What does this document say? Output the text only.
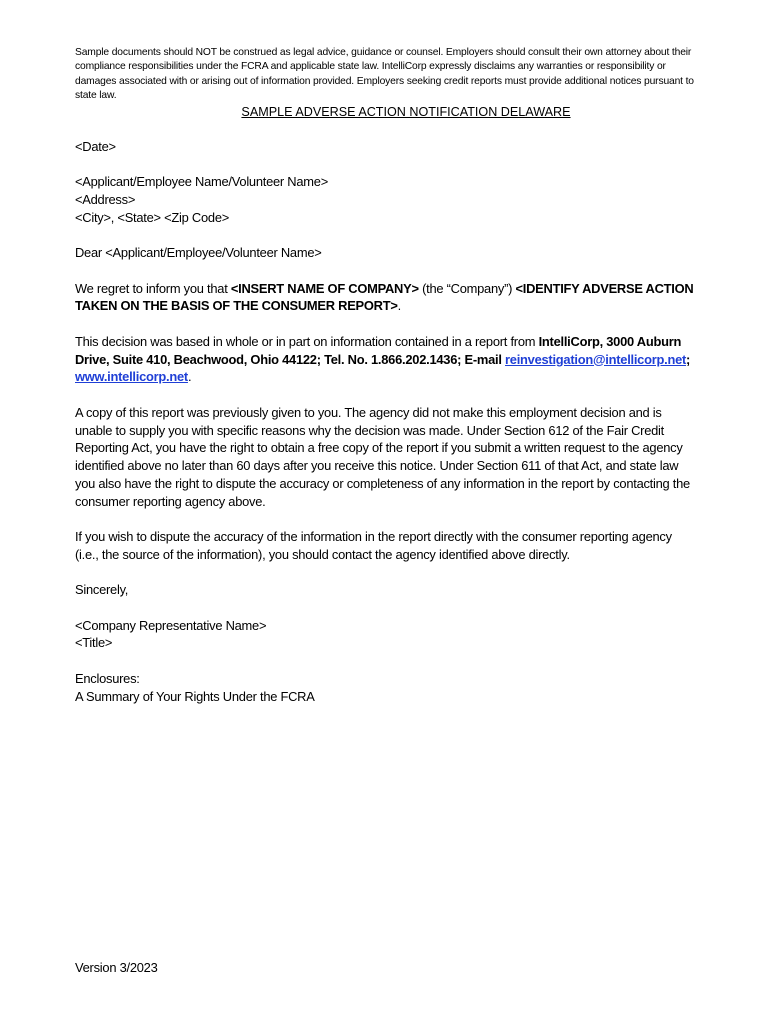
Sample documents should NOT be construed as legal advice, guidance or counsel. Employers should consult their own attorney about their compliance responsibilities under the FCRA and applicable state law. IntelliCorp expressly disclaims any warranties or responsibility or damages associated with or arising out of information provided. Employers seeking credit reports must provide additional notices pursuant to state law.

SAMPLE ADVERSE ACTION NOTIFICATION DELAWARE

<Date>

<Applicant/Employee Name/Volunteer Name>
<Address>
<City>, <State> <Zip Code>

Dear <Applicant/Employee/Volunteer Name>

We regret to inform you that <INSERT NAME OF COMPANY> (the “Company”) <IDENTIFY ADVERSE ACTION TAKEN ON THE BASIS OF THE CONSUMER REPORT>.

This decision was based in whole or in part on information contained in a report from IntelliCorp, 3000 Auburn Drive, Suite 410, Beachwood, Ohio 44122; Tel. No. 1.866.202.1436; E-mail reinvestigation@intellicorp.net; www.intellicorp.net.

A copy of this report was previously given to you. The agency did not make this employment decision and is unable to supply you with specific reasons why the decision was made. Under Section 612 of the Fair Credit Reporting Act, you have the right to obtain a free copy of the report if you submit a written request to the agency identified above no later than 60 days after you receive this notice. Under Section 611 of that Act, and state law you also have the right to dispute the accuracy or completeness of any information in the report by contacting the consumer reporting agency above.

If you wish to dispute the accuracy of the information in the report directly with the consumer reporting agency (i.e., the source of the information), you should contact the agency identified above directly.

Sincerely,

<Company Representative Name>
<Title>
Enclosures:
A Summary of Your Rights Under the FCRA
Version 3/2023
